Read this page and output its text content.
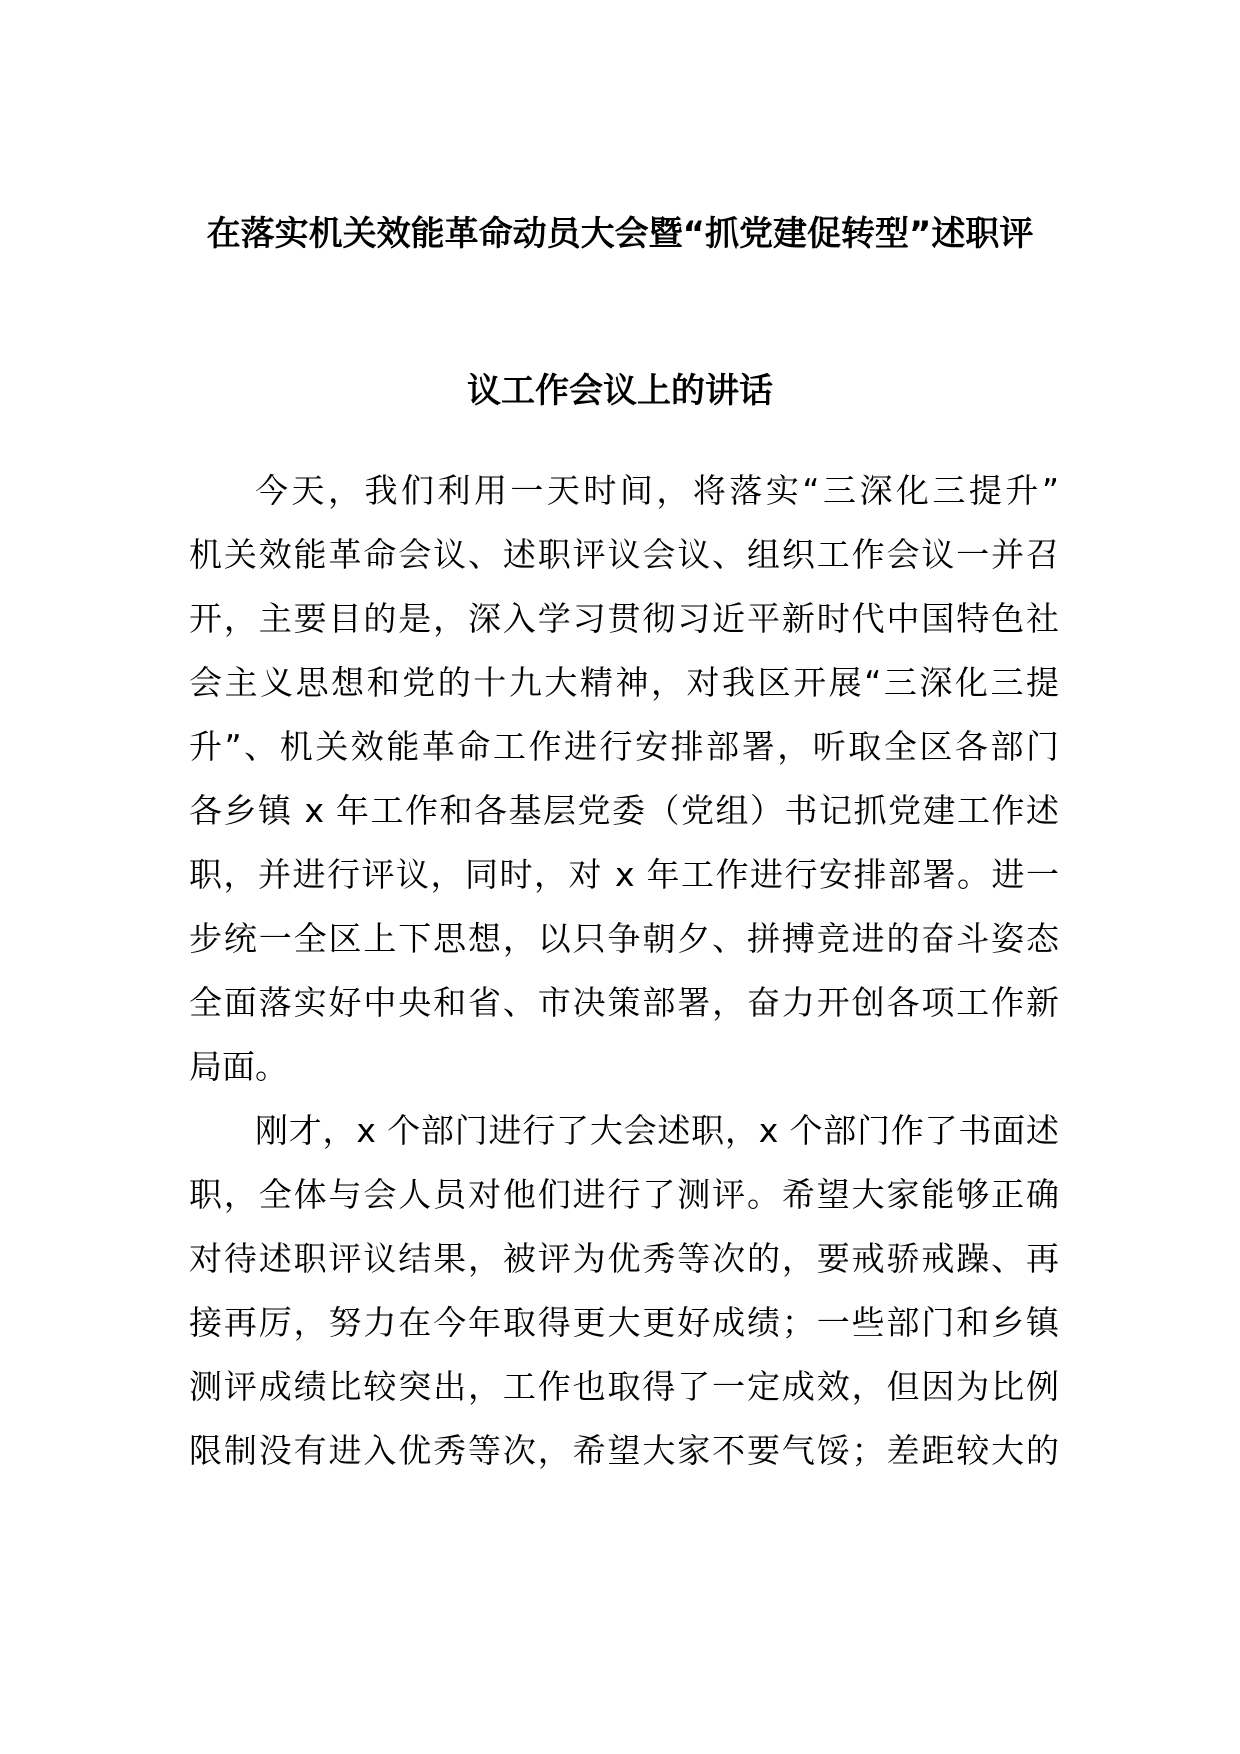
在落实机关效能革命动员大会暨“抓党建促转型”述职评
议工作会议上的讲话
今天，我们利用一天时间，将落实“三深化三提升”
机关效能革命会议、述职评议会议、组织工作会议一并召
开，主要目的是，深入学习贯彻习近平新时代中国特色社
会主义思想和党的十九大精神，对我区开展“三深化三提
升”、机关效能革命工作进行安排部署，听取全区各部门
各乡镇 x 年工作和各基层党委（党组）书记抓党建工作述
职，并进行评议，同时，对 x 年工作进行安排部署。进一
步统一全区上下思想，以只争朝夕、拼搏竞进的奋斗姿态
全面落实好中央和省、市决策部署，奋力开创各项工作新
局面。
刚才，x 个部门进行了大会述职，x 个部门作了书面述
职，全体与会人员对他们进行了测评。希望大家能够正确
对待述职评议结果，被评为优秀等次的，要戒骄戒躁、再
接再厉，努力在今年取得更大更好成绩；一些部门和乡镇
测评成绩比较突出，工作也取得了一定成效，但因为比例
限制没有进入优秀等次，希望大家不要气馁；差距较大的
